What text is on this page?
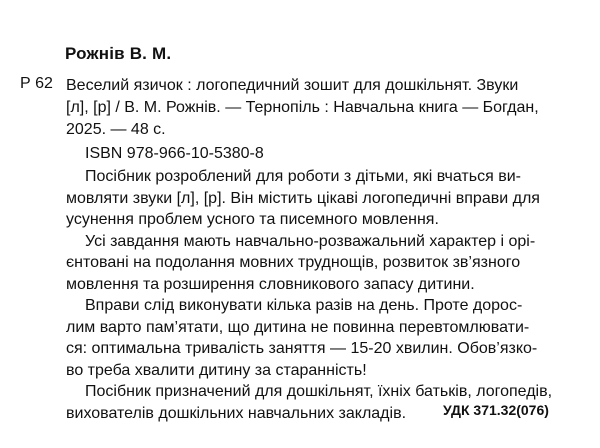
Рожнів В. М.
Р 62 Веселий язичок : логопедичний зошит для дошкільнят. Звуки
[л], [р] / В. М. Рожнів. — Тернопіль : Навчальна книга — Богдан,
2025. — 48 с.
ISBN 978-966-10-5380-8
Посібник розроблений для роботи з дітьми, які вчаться ви-
мовляти звуки [л], [р]. Він містить цікаві логопедичні вправи для
усунення проблем усного та писемного мовлення.
Усі завдання мають навчально-розважальний характер і орі-
єнтовані на подолання мовних труднощів, розвиток зв’язного
мовлення та розширення словникового запасу дитини.
Вправи слід виконувати кілька разів на день. Проте дорос-
лим варто пам’ятати, що дитина не повинна перевтомлювати-
ся: оптимальна тривалість заняття — 15-20 хвилин. Обов’язко-
во треба хвалити дитину за старанність!
Посібник призначений для дошкільнят, їхніх батьків, логопедів,
вихователів дошкільних навчальних закладів.	УДК 371.32(076)
